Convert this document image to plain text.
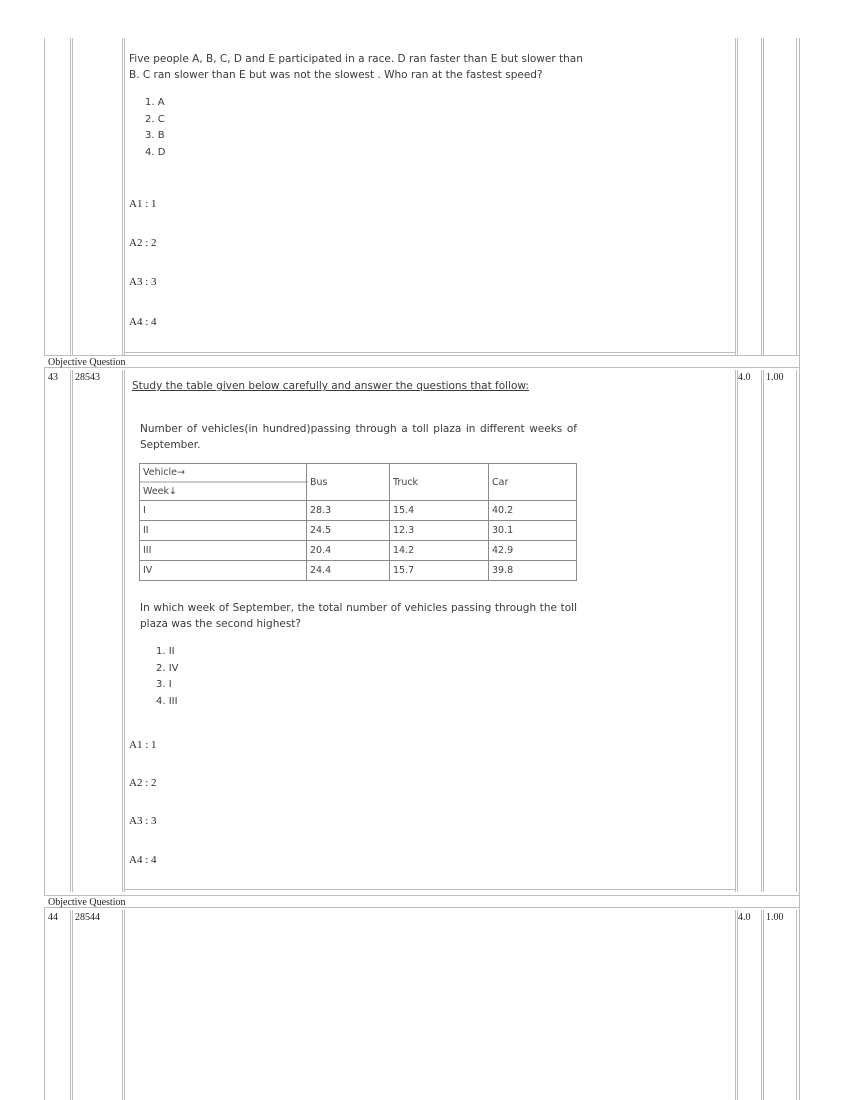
Five people A, B, C, D and E participated in a race. D ran faster than E but slower than
B. C ran slower than E but was not the slowest . Who ran at the fastest speed?
1. A
2. C
3. B
4. D
A1 : 1
A2 : 2
A3 : 3
A4 : 4
Objective Question
43 28543	4.0 1.00
Study the table given below carefully and answer the questions that follow:
Number of vehicles(in hundred)passing through a toll plaza in different weeks of
September.
Vehicle→
Week↓	Bus	Truck	Car
I	28.3	15.4	40.2
II	24.5	12.3	30.1
III	20.4	14.2	42.9
IV	24.4	15.7	39.8
In which week of September, the total number of vehicles passing through the toll
plaza was the second highest?
1. II
2. IV
3. I
4. III
A1 : 1
A2 : 2
A3 : 3
A4 : 4
Objective Question
44 28544	4.0 1.00
